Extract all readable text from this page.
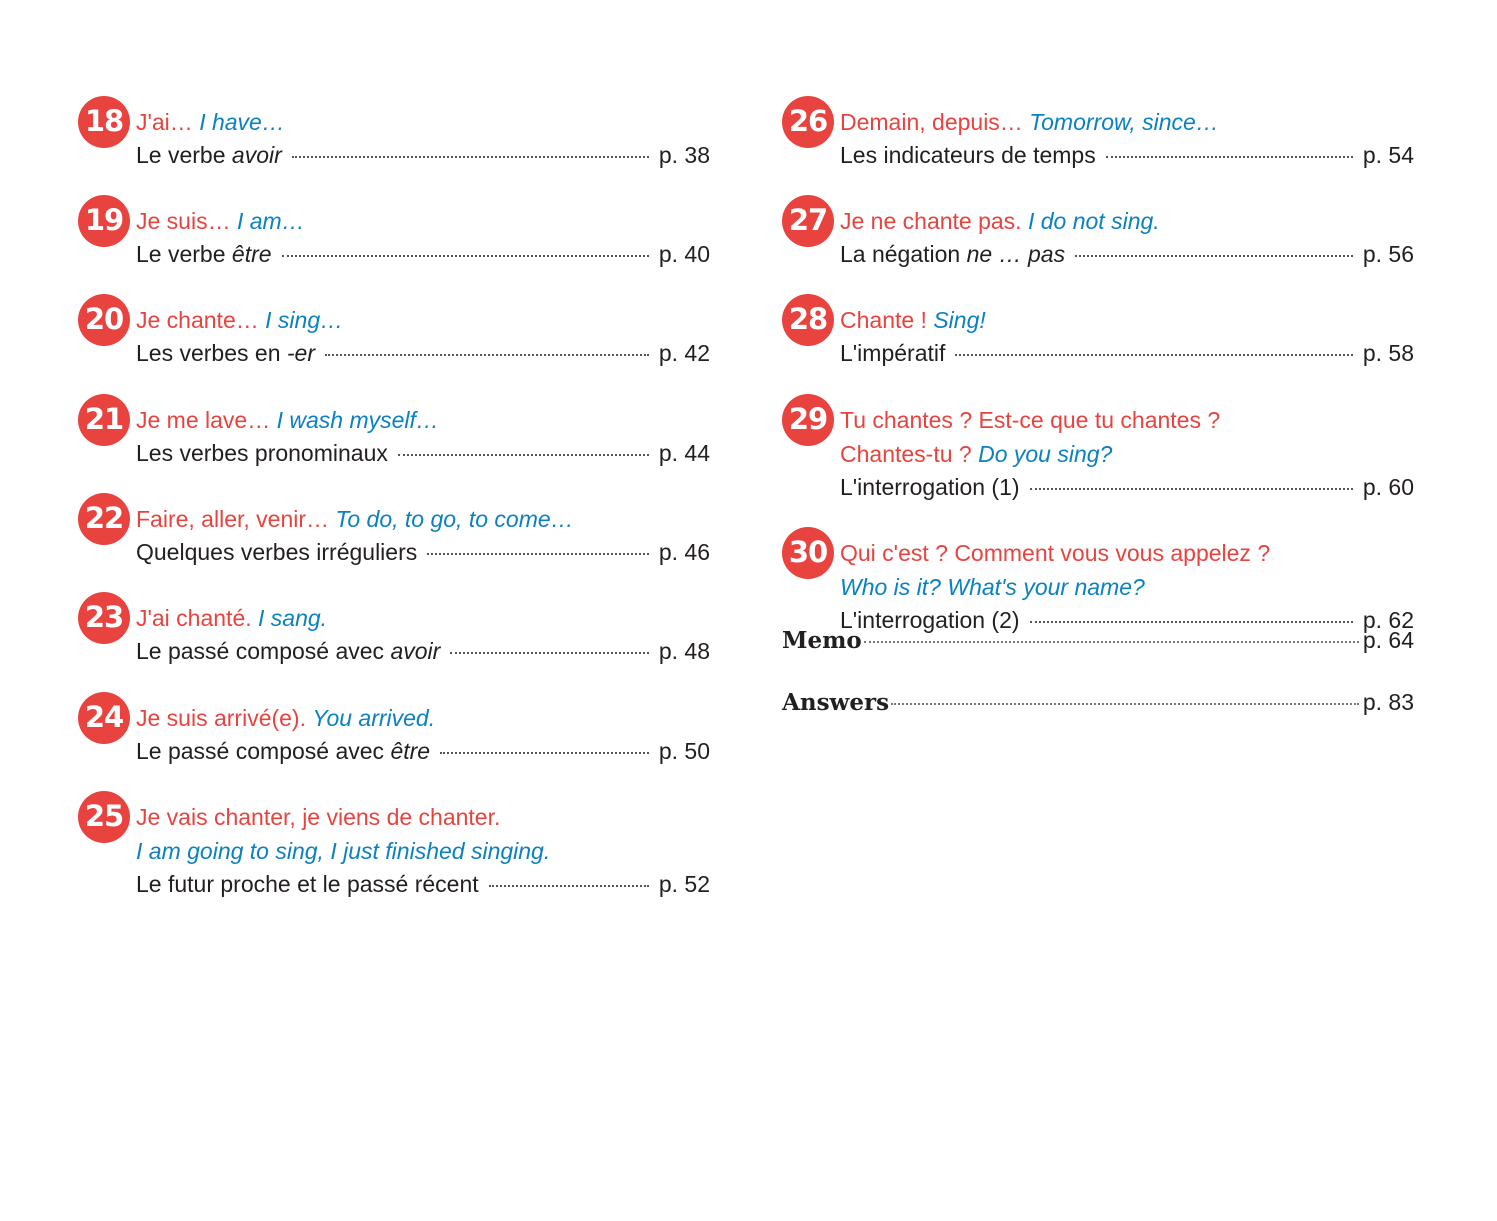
18 J'ai… I have…
Le verbe avoir	p. 38
19 Je suis… I am…
Le verbe être	p. 40
20 Je chante… I sing…
Les verbes en -er	p. 42
21 Je me lave… I wash myself…
Les verbes pronominaux	p. 44
22 Faire, aller, venir… To do, to go, to come…
Quelques verbes irréguliers	p. 46
23 J'ai chanté. I sang.
Le passé composé avec avoir	p. 48
24 Je suis arrivé(e). You arrived.
Le passé composé avec être	p. 50
25 Je vais chanter, je viens de chanter.
I am going to sing, I just finished singing.
Le futur proche et le passé récent	p. 52
26 Demain, depuis… Tomorrow, since…
Les indicateurs de temps	p. 54
27 Je ne chante pas. I do not sing.
La négation ne … pas	p. 56
28 Chante ! Sing!
L'impératif	p. 58
29 Tu chantes ? Est-ce que tu chantes ?
Chantes-tu ? Do you sing?
L'interrogation (1)	p. 60
30 Qui c'est ? Comment vous vous appelez ?
Who is it? What's your name?
L'interrogation (2)	p. 62
Memo	p. 64
Answers	p. 83
